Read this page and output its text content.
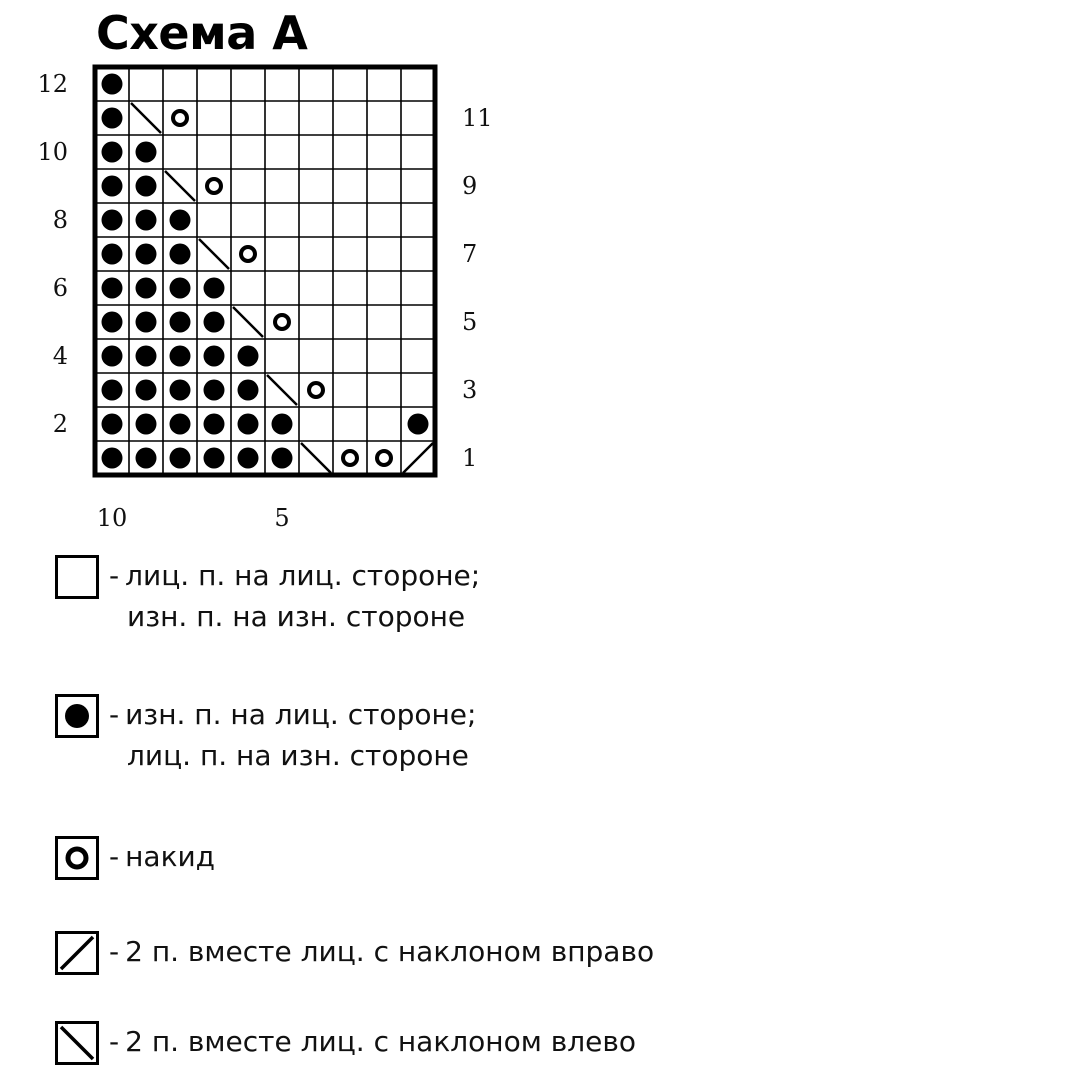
Схема А
12
10
8
6
4
2
11
9
7
5
3
1
10	5
- лиц. п. на лиц. стороне;
изн. п. на изн. стороне
- изн. п. на лиц. стороне;
лиц. п. на изн. стороне
- накид
- 2 п. вместе лиц. с наклоном вправо
- 2 п. вместе лиц. с наклоном влево
